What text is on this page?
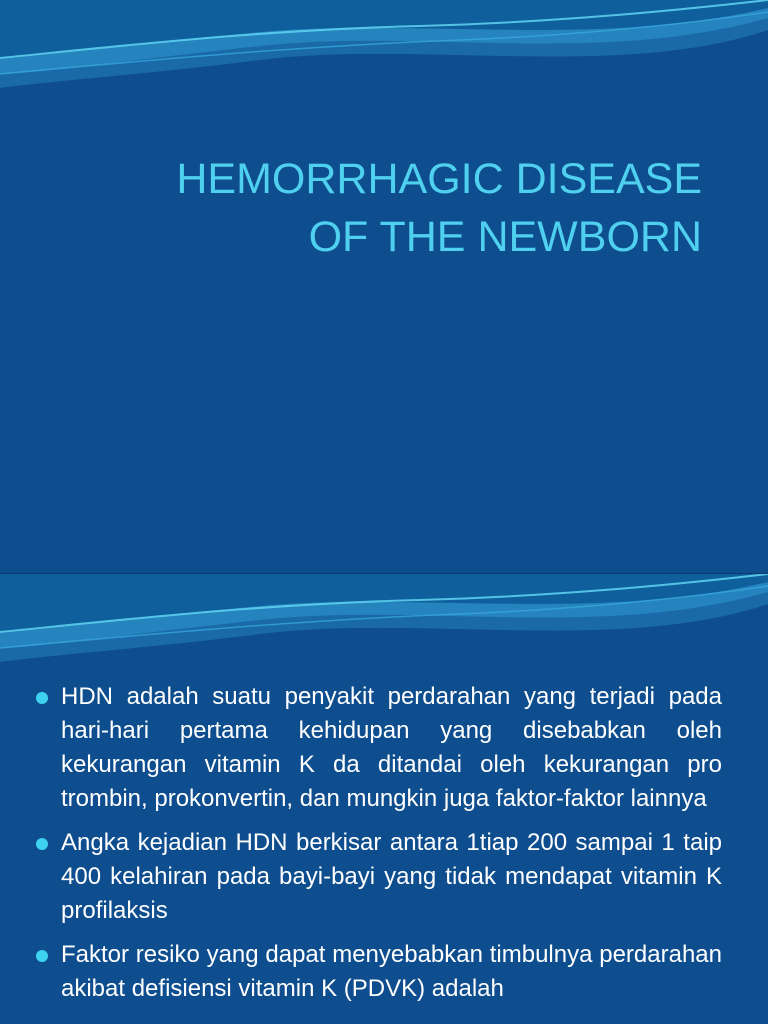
HEMORRHAGIC DISEASE
OF THE NEWBORN
HDN adalah suatu penyakit perdarahan yang terjadi pada hari-hari pertama kehidupan yang disebabkan oleh kekurangan vitamin K da ditandai oleh kekurangan pro trombin, prokonvertin, dan mungkin juga faktor-faktor lainnya
Angka kejadian HDN berkisar antara 1tiap 200 sampai 1 taip 400 kelahiran pada bayi-bayi yang tidak mendapat vitamin K profilaksis
Faktor resiko yang dapat menyebabkan timbulnya perdarahan akibat defisiensi vitamin K (PDVK) adalah
